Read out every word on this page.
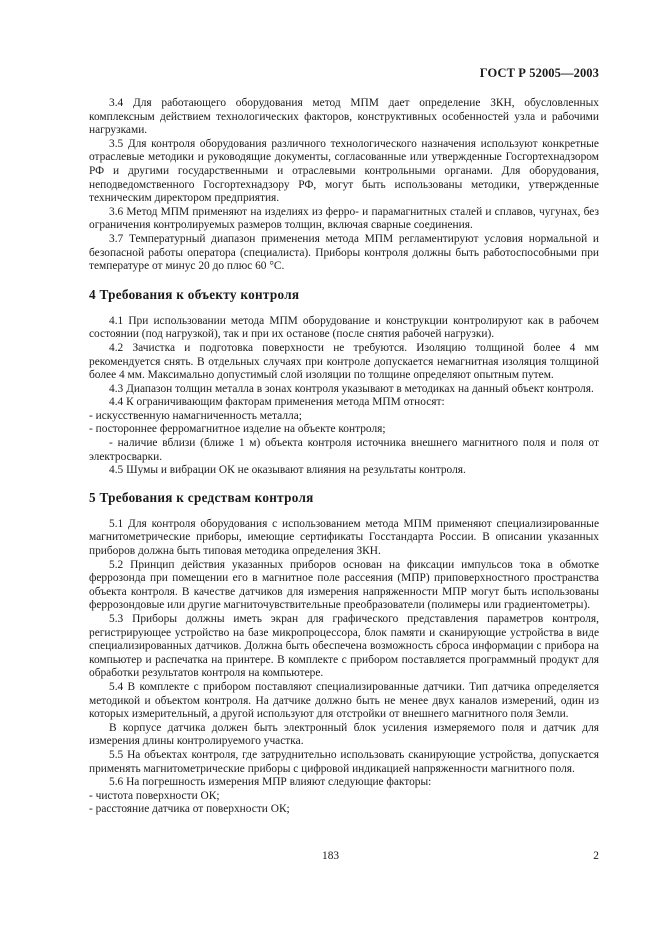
ГОСТ Р 52005—2003

3.4 Для работающего оборудования метод МПМ дает определение ЗКН, обусловленных комплексным действием технологических факторов, конструктивных особенностей узла и рабочими нагрузками.

3.5 Для контроля оборудования различного технологического назначения используют конкретные отраслевые методики и руководящие документы, согласованные или утвержденные Госгортехнадзором РФ и другими государственными и отраслевыми контрольными органами. Для оборудования, неподведомственного Госгортехнадзору РФ, могут быть использованы методики, утвержденные техническим директором предприятия.

3.6 Метод МПМ применяют на изделиях из ферро- и парамагнитных сталей и сплавов, чугунах, без ограничения контролируемых размеров толщин, включая сварные соединения.

3.7 Температурный диапазон применения метода МПМ регламентируют условия нормальной и безопасной работы оператора (специалиста). Приборы контроля должны быть работоспособными при температуре от минус 20 до плюс 60 °С.

4 Требования к объекту контроля

4.1 При использовании метода МПМ оборудование и конструкции контролируют как в рабочем состоянии (под нагрузкой), так и при их останове (после снятия рабочей нагрузки).

4.2 Зачистка и подготовка поверхности не требуются. Изоляцию толщиной более 4 мм рекомендуется снять. В отдельных случаях при контроле допускается немагнитная изоляция толщиной более 4 мм. Максимально допустимый слой изоляции по толщине определяют опытным путем.

4.3 Диапазон толщин металла в зонах контроля указывают в методиках на данный объект контроля.

4.4 К ограничивающим факторам применения метода МПМ относят:

- искусственную намагниченность металла;

- постороннее ферромагнитное изделие на объекте контроля;

- наличие вблизи (ближе 1 м) объекта контроля источника внешнего магнитного поля и поля от электросварки.

4.5 Шумы и вибрации ОК не оказывают влияния на результаты контроля.

5 Требования к средствам контроля

5.1 Для контроля оборудования с использованием метода МПМ применяют специализированные магнитометрические приборы, имеющие сертификаты Госстандарта России. В описании указанных приборов должна быть типовая методика определения ЗКН.

5.2 Принцип действия указанных приборов основан на фиксации импульсов тока в обмотке феррозонда при помещении его в магнитное поле рассеяния (МПР) приповерхностного пространства объекта контроля. В качестве датчиков для измерения напряженности МПР могут быть использованы феррозондовые или другие магниточувствительные преобразователи (полимеры или градиентометры).

5.3 Приборы должны иметь экран для графического представления параметров контроля, регистрирующее устройство на базе микропроцессора, блок памяти и сканирующие устройства в виде специализированных датчиков. Должна быть обеспечена возможность сброса информации с прибора на компьютер и распечатка на принтере. В комплекте с прибором поставляется программный продукт для обработки результатов контроля на компьютере.

5.4 В комплекте с прибором поставляют специализированные датчики. Тип датчика определяется методикой и объектом контроля. На датчике должно быть не менее двух каналов измерений, один из которых измерительный, а другой используют для отстройки от внешнего магнитного поля Земли.

В корпусе датчика должен быть электронный блок усиления измеряемого поля и датчик для измерения длины контролируемого участка.

5.5 На объектах контроля, где затруднительно использовать сканирующие устройства, допускается применять магнитометрические приборы с цифровой индикацией напряженности магнитного поля.

5.6 На погрешность измерения МПР влияют следующие факторы:

- чистота поверхности ОК;

- расстояние датчика от поверхности ОК;

183	2
